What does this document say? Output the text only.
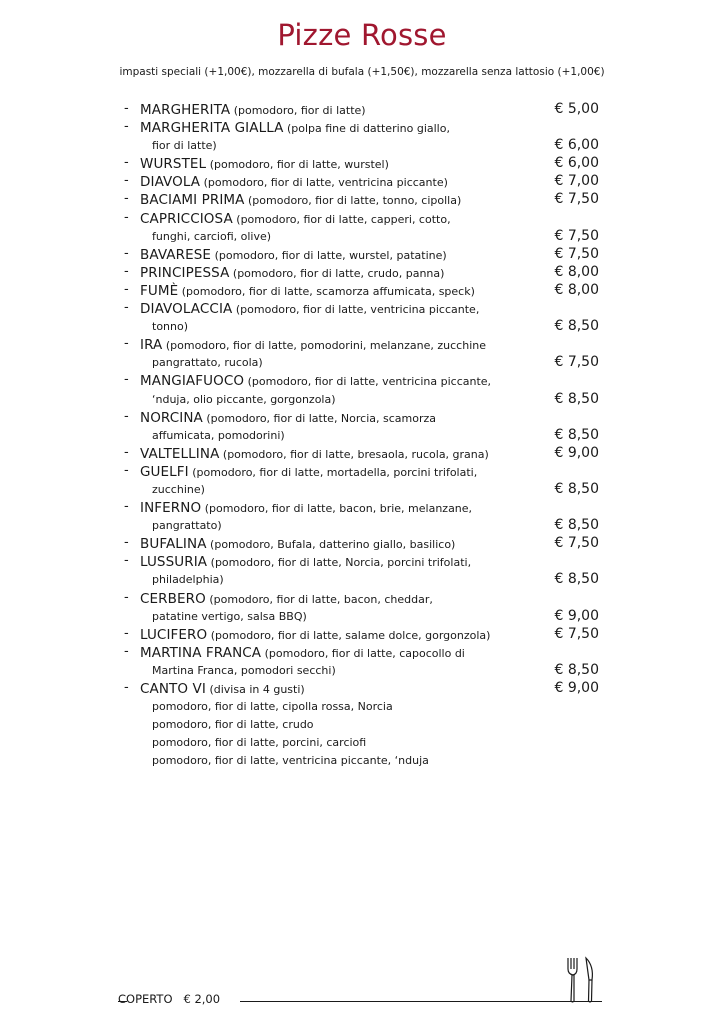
Pizze Rosse
impasti speciali (+1,00€), mozzarella di bufala (+1,50€), mozzarella senza lattosio (+1,00€)
- MARGHERITA (pomodoro, fior di latte)	€ 5,00
- MARGHERITA GIALLA (polpa fine di datterino giallo,
fior di latte)	€ 6,00
- WURSTEL (pomodoro, fior di latte, wurstel)	€ 6,00
- DIAVOLA (pomodoro, fior di latte, ventricina piccante)	€ 7,00
- BACIAMI PRIMA (pomodoro, fior di latte, tonno, cipolla)	€ 7,50
- CAPRICCIOSA (pomodoro, fior di latte, capperi, cotto,
funghi, carciofi, olive)	€ 7,50
- BAVARESE (pomodoro, fior di latte, wurstel, patatine)	€ 7,50
- PRINCIPESSA (pomodoro, fior di latte, crudo, panna)	€ 8,00
- FUMÈ (pomodoro, fior di latte, scamorza affumicata, speck)	€ 8,00
- DIAVOLACCIA (pomodoro, fior di latte, ventricina piccante,
tonno)	€ 8,50
- IRA (pomodoro, fior di latte, pomodorini, melanzane, zucchine
pangrattato, rucola)	€ 7,50
- MANGIAFUOCO (pomodoro, fior di latte, ventricina piccante,
‘nduja, olio piccante, gorgonzola)	€ 8,50
- NORCINA (pomodoro, fior di latte, Norcia, scamorza
affumicata, pomodorini)	€ 8,50
- VALTELLINA (pomodoro, fior di latte, bresaola, rucola, grana)	€ 9,00
- GUELFI (pomodoro, fior di latte, mortadella, porcini trifolati,
zucchine)	€ 8,50
- INFERNO (pomodoro, fior di latte, bacon, brie, melanzane,
pangrattato)	€ 8,50
- BUFALINA (pomodoro, Bufala, datterino giallo, basilico)	€ 7,50
- LUSSURIA (pomodoro, fior di latte, Norcia, porcini trifolati,
philadelphia)	€ 8,50
- CERBERO (pomodoro, fior di latte, bacon, cheddar,
patatine vertigo, salsa BBQ)	€ 9,00
- LUCIFERO (pomodoro, fior di latte, salame dolce, gorgonzola)	€ 7,50
- MARTINA FRANCA (pomodoro, fior di latte, capocollo di
Martina Franca, pomodori secchi)	€ 8,50
- CANTO VI (divisa in 4 gusti)	€ 9,00
pomodoro, fior di latte, cipolla rossa, Norcia
pomodoro, fior di latte, crudo
pomodoro, fior di latte, porcini, carciofi
pomodoro, fior di latte, ventricina piccante, ‘nduja
COPERTO € 2,00
